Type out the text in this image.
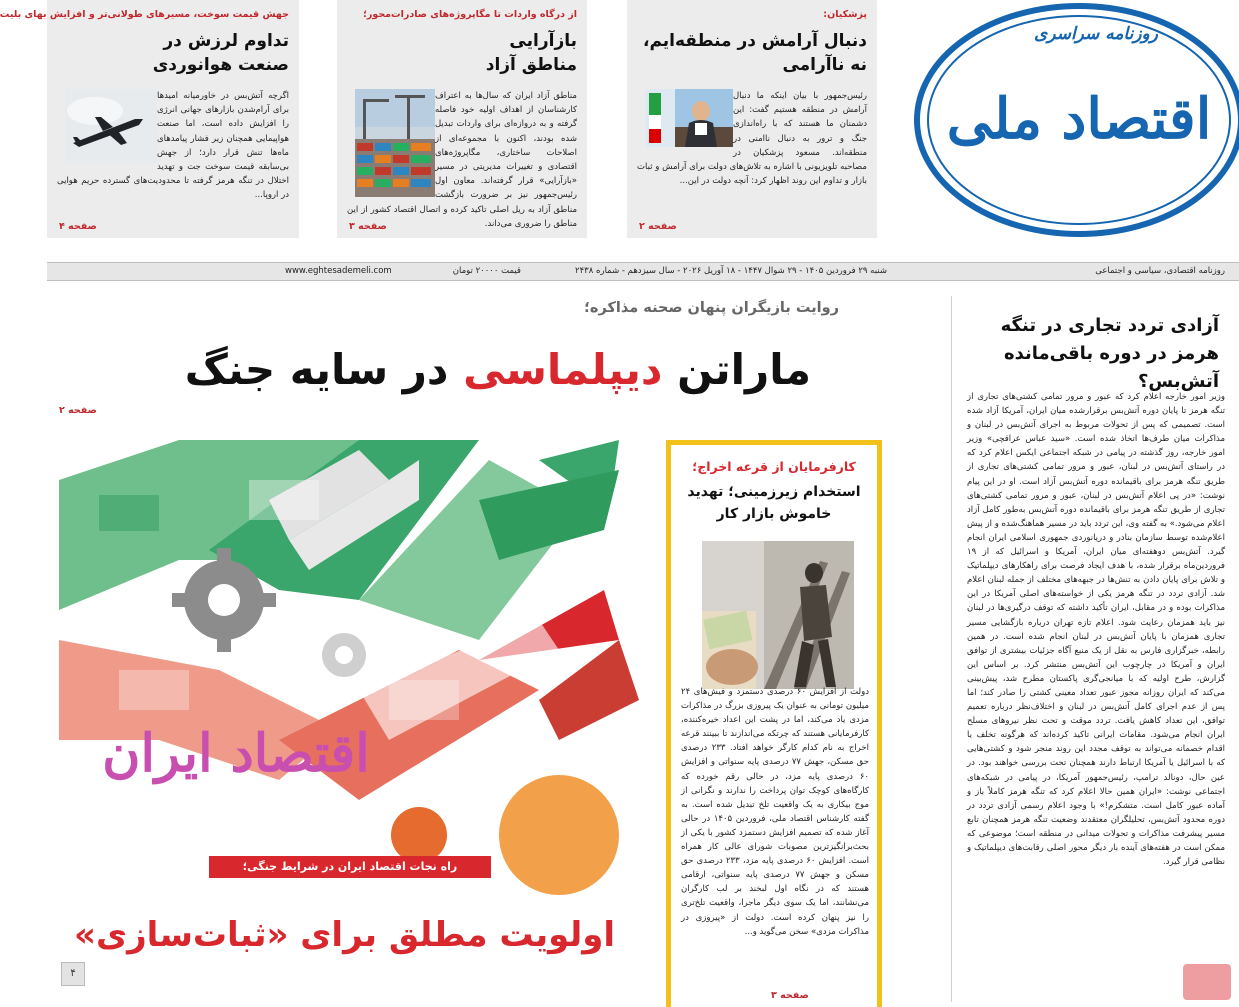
پزشکیان:
دنبال آرامش در منطقه‌ایم،
نه ناآرامی
رئیس‌جمهور با بیان اینکه ما دنبال آرامش در منطقه هستیم گفت: این دشمنان ما هستند که با راه‌اندازی جنگ و ترور به دنبال ناامنی در منطقه‌اند. مسعود پزشکیان در مصاحبه تلویزیونی با اشاره به تلاش‌های دولت برای آرامش و ثبات بازار و تداوم این روند اظهار کرد: آنچه دولت در این...
صفحه ۲
از درگاه واردات تا مگاپروژه‌های صادرات‌محور؛
بازآرایی
مناطق آزاد
مناطق آزاد ایران که سال‌ها به اعتراف کارشناسان از اهداف اولیه خود فاصله گرفته و به دروازه‌ای برای واردات تبدیل شده بودند، اکنون با مجموعه‌ای از اصلاحات ساختاری، مگاپروژه‌های اقتصادی و تغییرات مدیریتی در مسیر «بازآرایی» قرار گرفته‌اند. معاون اول رئیس‌جمهور نیز بر ضرورت بازگشت مناطق آزاد به ریل اصلی تاکید کرده و اتصال اقتصاد کشور از این مناطق را ضروری می‌داند.
صفحه ۳
جهش قیمت سوخت، مسیرهای طولانی‌تر و افزایش بهای بلیت
تداوم لرزش در
صنعت هوانوردی
اگرچه آتش‌بس در خاورمیانه امیدها برای آرام‌شدن بازارهای جهانی انرژی را افزایش داده است، اما صنعت هواپیمایی همچنان زیر فشار پیامدهای ماه‌ها تنش قرار دارد؛ از جهش بی‌سابقه قیمت سوخت جت و تهدید اختلال در تنگه هرمز گرفته تا محدودیت‌های گسترده حریم هوایی در اروپا...
صفحه ۴
روزنامه سراسری
اقتصاد ملی
روزنامه اقتصادی، سیاسی و اجتماعی
شنبه ۲۹ فروردین ۱۴۰۵ - ۲۹ شوال ۱۴۴۷ - ۱۸ آوریل ۲۰۲۶ - سال سیزدهم - شماره ۲۴۳۸
قیمت ۲۰۰۰۰ تومان
www.eghtesademeli.com
روایت بازیگران پنهان صحنه مذاکره؛
ماراتن دیپلماسی در سایه جنگ
صفحه ۲
آزادی تردد تجاری در تنگه هرمز در دوره باقی‌مانده آتش‌بس؟
وزیر امور خارجه اعلام کرد که عبور و مرور تمامی کشتی‌های تجاری از تنگه هرمز تا پایان دوره آتش‌بس برقرارشده میان ایران، آمریکا آزاد شده است. تصمیمی که پس از تحولات مربوط به اجرای آتش‌بس در لبنان و مذاکرات میان طرف‌ها اتخاذ شده است. «سید عباس عراقچی» وزیر امور خارجه، روز گذشته در پیامی در شبکه اجتماعی ایکس اعلام کرد که در راستای آتش‌بس در لبنان، عبور و مرور تمامی کشتی‌های تجاری از طریق تنگه هرمز برای باقیمانده دوره آتش‌بس آزاد است. او در این پیام نوشت: «در پی اعلام آتش‌بس در لبنان، عبور و مرور تمامی کشتی‌های تجاری از طریق تنگه هرمز برای باقیمانده دوره آتش‌بس به‌طور کامل آزاد اعلام می‌شود.» به گفته وی، این تردد باید در مسیر هماهنگ‌شده و از پیش اعلام‌شده توسط سازمان بنادر و دریانوردی جمهوری اسلامی ایران انجام گیرد. آتش‌بس دوهفته‌ای میان ایران، آمریکا و اسرائیل که از ۱۹ فروردین‌ماه برقرار شده، با هدف ایجاد فرصت برای راهکارهای دیپلماتیک و تلاش برای پایان دادن به تنش‌ها در جبهه‌های مختلف از جمله لبنان اعلام شد. آزادی تردد در تنگه هرمز یکی از خواسته‌های اصلی آمریکا در این مذاکرات بوده و در مقابل، ایران تأکید داشته که توقف درگیری‌ها در لبنان نیز باید همزمان رعایت شود. اعلام تازه تهران درباره بازگشایی مسیر تجاری همزمان با پایان آتش‌بس در لبنان انجام شده است. در همین رابطه، خبرگزاری فارس به نقل از یک منبع آگاه جزئیات بیشتری از توافق ایران و آمریکا در چارچوب این آتش‌بس منتشر کرد. بر اساس این گزارش، طرح اولیه که با میانجی‌گری پاکستان مطرح شد، پیش‌بینی می‌کند که ایران روزانه مجوز عبور تعداد معینی کشتی را صادر کند؛ اما پس از عدم اجرای کامل آتش‌بس در لبنان و اختلاف‌نظر درباره تعمیم توافق، این تعداد کاهش یافت. تردد موقت و تحت نظر نیروهای مسلح ایران انجام می‌شود. مقامات ایرانی تاکید کرده‌اند که هرگونه تخلف یا اقدام خصمانه می‌تواند به توقف مجدد این روند منجر شود و کشتی‌هایی که با اسرائیل یا آمریکا ارتباط دارند همچنان تحت بررسی خواهند بود. در عین حال، دونالد ترامپ، رئیس‌جمهور آمریکا، در پیامی در شبکه‌های اجتماعی نوشت: «ایران همین حالا اعلام کرد که تنگه هرمز کاملاً باز و آماده عبور کامل است. متشکرم!» با وجود اعلام رسمی آزادی تردد در دوره محدود آتش‌بس، تحلیلگران معتقدند وضعیت تنگه هرمز همچنان تابع مسیر پیشرفت مذاکرات و تحولات میدانی در منطقه است؛ موضوعی که ممکن است در هفته‌های آینده بار دیگر محور اصلی رقابت‌های دیپلماتیک و نظامی قرار گیرد.
کارفرمایان از قرعه اخراج؛
استخدام زیرزمینی؛ تهدید
خاموش بازار کار
دولت از افزایش ۶۰ درصدی دستمزد و فیش‌های ۲۴ میلیون تومانی به عنوان یک پیروزی بزرگ در مذاکرات مزدی یاد می‌کند، اما در پشت این اعداد خیره‌کننده، کارفرمایانی هستند که چرتکه می‌اندازند تا ببینند قرعه اخراج به نام کدام کارگر خواهد افتاد. ۲۳۳ درصدی حق مسکن، جهش ۷۷ درصدی پایه سنواتی و افزایش ۶۰ درصدی پایه مزد، در حالی رقم خورده که کارگاه‌های کوچک توان پرداخت را ندارند و نگرانی از موج بیکاری به یک واقعیت تلخ تبدیل شده است. به گفته کارشناس اقتصاد ملی، فروردین ۱۴۰۵ در حالی آغاز شده که تصمیم افزایش دستمزد کشور با یکی از بحث‌برانگیزترین مصوبات شورای عالی کار همراه است. افزایش ۶۰ درصدی پایه مزد، ۲۳۳ درصدی حق مسکن و جهش ۷۷ درصدی پایه سنواتی، ارقامی هستند که در نگاه اول لبخند بر لب کارگران می‌نشانند، اما یک سوی دیگر ماجرا، واقعیت تلخ‌تری را نیز پنهان کرده است. دولت از «پیروزی در مذاکرات مزدی» سخن می‌گوید و...
صفحه ۳
اقتصاد ایران
راه نجات اقتصاد ایران در شرایط جنگی؛
اولویت مطلق برای «ثبات‌سازی»
۴
